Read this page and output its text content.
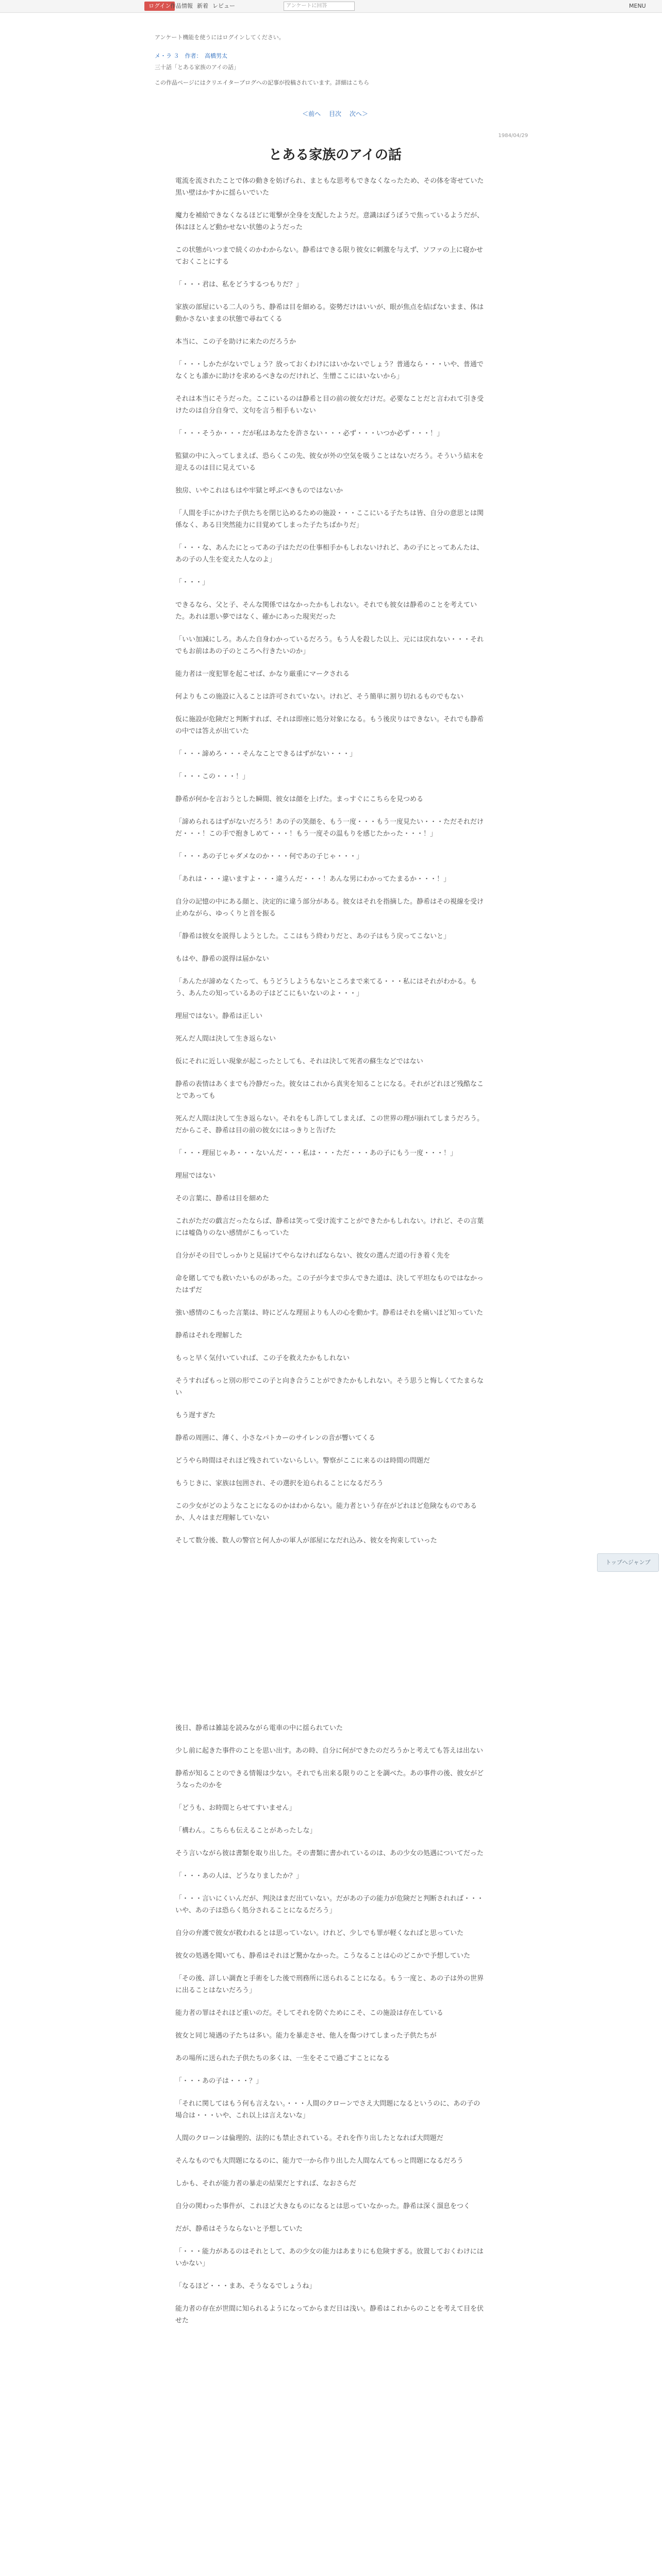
ログイン
作品情報 新着 レビュー	アンケートに回答	MENU
アンケート機能を使うにはログインしてください。
メ・ラ ３　作者：　高橋男太
三十話「とある家族のアイの話」
この作品ページにはクリエイターブログへの記事が投稿されています。詳細はこちら
＜前へ 目次 次へ＞
1984/04/29
とある家族のアイの話

電流を流されたことで体の動きを妨げられ、まともな思考もできなくなったため、その体を寄せていた黒い壁はかすかに揺らいでいた

魔力を補給できなくなるほどに電撃が全身を支配したようだ。意識はぼうぼうで焦っているようだが、体はほとんど動かせない状態のようだった

この状態がいつまで続くのかわからない。静希はできる限り彼女に刺激を与えず、ソファの上に寝かせておくことにする

「・・・君は、私をどうするつもりだ？」

家族の部屋にいる二人のうち、静希は目を細める。姿勢だけはいいが、眼が焦点を結ばないまま、体は動かさないままの状態で尋ねてくる

本当に、この子を助けに来たのだろうか

「・・・しかたがないでしょう？放っておくわけにはいかないでしょう？普通なら・・・いや、普通でなくとも誰かに助けを求めるべきなのだけれど、生憎ここにはいないから」

それは本当にそうだった。ここにいるのは静希と目の前の彼女だけだ。必要なことだと言われて引き受けたのは自分自身で、文句を言う相手もいない

「・・・そうか・・・だが私はあなたを許さない・・・必ず・・・いつか必ず・・・！」

監獄の中に入ってしまえば、恐らくこの先、彼女が外の空気を吸うことはないだろう。そういう結末を迎えるのは目に見えている

独房、いやこれはもはや牢獄と呼ぶべきものではないか

「人間を手にかけた子供たちを閉じ込めるための施設・・・ここにいる子たちは皆、自分の意思とは関係なく、ある日突然能力に目覚めてしまった子たちばかりだ」

「・・・な、あんたにとってあの子はただの仕事相手かもしれないけれど、あの子にとってあんたは、あの子の人生を変えた人なのよ」

「・・・」

できるなら、父と子、そんな関係ではなかったかもしれない。それでも彼女は静希のことを考えていた。あれは悪い夢ではなく、確かにあった現実だった

「いい加減にしろ。あんた自身わかっているだろう。もう人を殺した以上、元には戻れない・・・それでもお前はあの子のところへ行きたいのか」

能力者は一度犯罪を起こせば、かなり厳重にマークされる

何よりもこの施設に入ることは許可されていない。けれど、そう簡単に割り切れるものでもない

仮に施設が危険だと判断すれば、それは即座に処分対象になる。もう後戻りはできない。それでも静希の中では答えが出ていた

「・・・諦めろ・・・そんなことできるはずがない・・・」

「・・・この・・・！」

静希が何かを言おうとした瞬間、彼女は顔を上げた。まっすぐにこちらを見つめる

「諦められるはずがないだろう！あの子の笑顔を、もう一度・・・もう一度見たい・・・ただそれだけだ・・・！この手で抱きしめて・・・！もう一度その温もりを感じたかった・・・！」

「・・・あの子じゃダメなのか・・・何であの子じゃ・・・」

「あれは・・・違いますよ・・・違うんだ・・・！あんな男にわかってたまるか・・・！」

自分の記憶の中にある顔と、決定的に違う部分がある。彼女はそれを指摘した。静希はその視線を受け止めながら、ゆっくりと首を振る

「静希は彼女を説得しようとした。ここはもう終わりだと、あの子はもう戻ってこないと」

もはや、静希の説得は届かない

「あんたが諦めなくたって、もうどうしようもないところまで来てる・・・私にはそれがわかる。もう、あんたの知っているあの子はどこにもいないのよ・・・」

理屈ではない。静希は正しい

死んだ人間は決して生き返らない

仮にそれに近しい現象が起こったとしても、それは決して死者の蘇生などではない

静希の表情はあくまでも冷静だった。彼女はこれから真実を知ることになる。それがどれほど残酷なことであっても

死んだ人間は決して生き返らない。それをもし許してしまえば、この世界の理が崩れてしまうだろう。だからこそ、静希は目の前の彼女にはっきりと告げた

「・・・理屈じゃあ・・・ないんだ・・・私は・・・ただ・・・あの子にもう一度・・・！」

理屈ではない

その言葉に、静希は目を細めた

これがただの戯言だったならば、静希は笑って受け流すことができたかもしれない。けれど、その言葉には嘘偽りのない感情がこもっていた

自分がその目でしっかりと見届けてやらなければならない、彼女の選んだ道の行き着く先を

命を賭してでも救いたいものがあった。この子が今まで歩んできた道は、決して平坦なものではなかったはずだ

強い感情のこもった言葉は、時にどんな理屈よりも人の心を動かす。静希はそれを痛いほど知っていた

静希はそれを理解した

もっと早く気付いていれば、この子を救えたかもしれない

そうすればもっと別の形でこの子と向き合うことができたかもしれない。そう思うと悔しくてたまらない

もう遅すぎた

静希の周囲に、薄く、小さなパトカーのサイレンの音が響いてくる

どうやら時間はそれほど残されていないらしい。警察がここに来るのは時間の問題だ

もうじきに、家族は包囲され、その選択を迫られることになるだろう

この少女がどのようなことになるのかはわからない。能力者という存在がどれほど危険なものであるか、人々はまだ理解していない

そして数分後、数人の警官と何人かの軍人が部屋になだれ込み、彼女を拘束していった

後日、静希は雑誌を読みながら電車の中に揺られていた

少し前に起きた事件のことを思い出す。あの時、自分に何ができたのだろうかと考えても答えは出ない

静希が知ることのできる情報は少ない。それでも出来る限りのことを調べた。あの事件の後、彼女がどうなったのかを

「どうも、お時間とらせてすいません」

「構わん。こちらも伝えることがあったしな」

そう言いながら彼は書類を取り出した。その書類に書かれているのは、あの少女の処遇についてだった

「・・・あの人は、どうなりましたか？」

「・・・言いにくいんだが、判決はまだ出ていない。だがあの子の能力が危険だと判断されれば・・・いや、あの子は恐らく処分されることになるだろう」

自分の弁護で彼女が救われるとは思っていない。けれど、少しでも罪が軽くなればと思っていた

彼女の処遇を聞いても、静希はそれほど驚かなかった。こうなることは心のどこかで予想していた

「その後、詳しい調査と手術をした後で刑務所に送られることになる。もう一度と、あの子は外の世界に出ることはないだろう」

能力者の罪はそれほど重いのだ。そしてそれを防ぐためにこそ、この施設は存在している

彼女と同じ境遇の子たちは多い。能力を暴走させ、他人を傷つけてしまった子供たちが

あの場所に送られた子供たちの多くは、一生をそこで過ごすことになる

「・・・あの子は・・・？」

「それに関してはもう何も言えない。・・・人間のクローンでさえ大問題になるというのに、あの子の場合は・・・いや、これ以上は言えないな」

人間のクローンは倫理的、法的にも禁止されている。それを作り出したとなれば大問題だ

そんなものでも大問題になるのに、能力で一から作り出した人間なんてもっと問題になるだろう

しかも、それが能力者の暴走の結果だとすれば、なおさらだ

自分の関わった事件が、これほど大きなものになるとは思っていなかった。静希は深く溜息をつく

だが、静希はそうならないと予想していた

「・・・能力があるのはそれとして、あの少女の能力はあまりにも危険すぎる。放置しておくわけにはいかない」

「なるほど・・・まあ、そうなるでしょうね」

能力者の存在が世間に知られるようになってからまだ日は浅い。静希はこれからのことを考えて目を伏せた

トップへジャンプ
